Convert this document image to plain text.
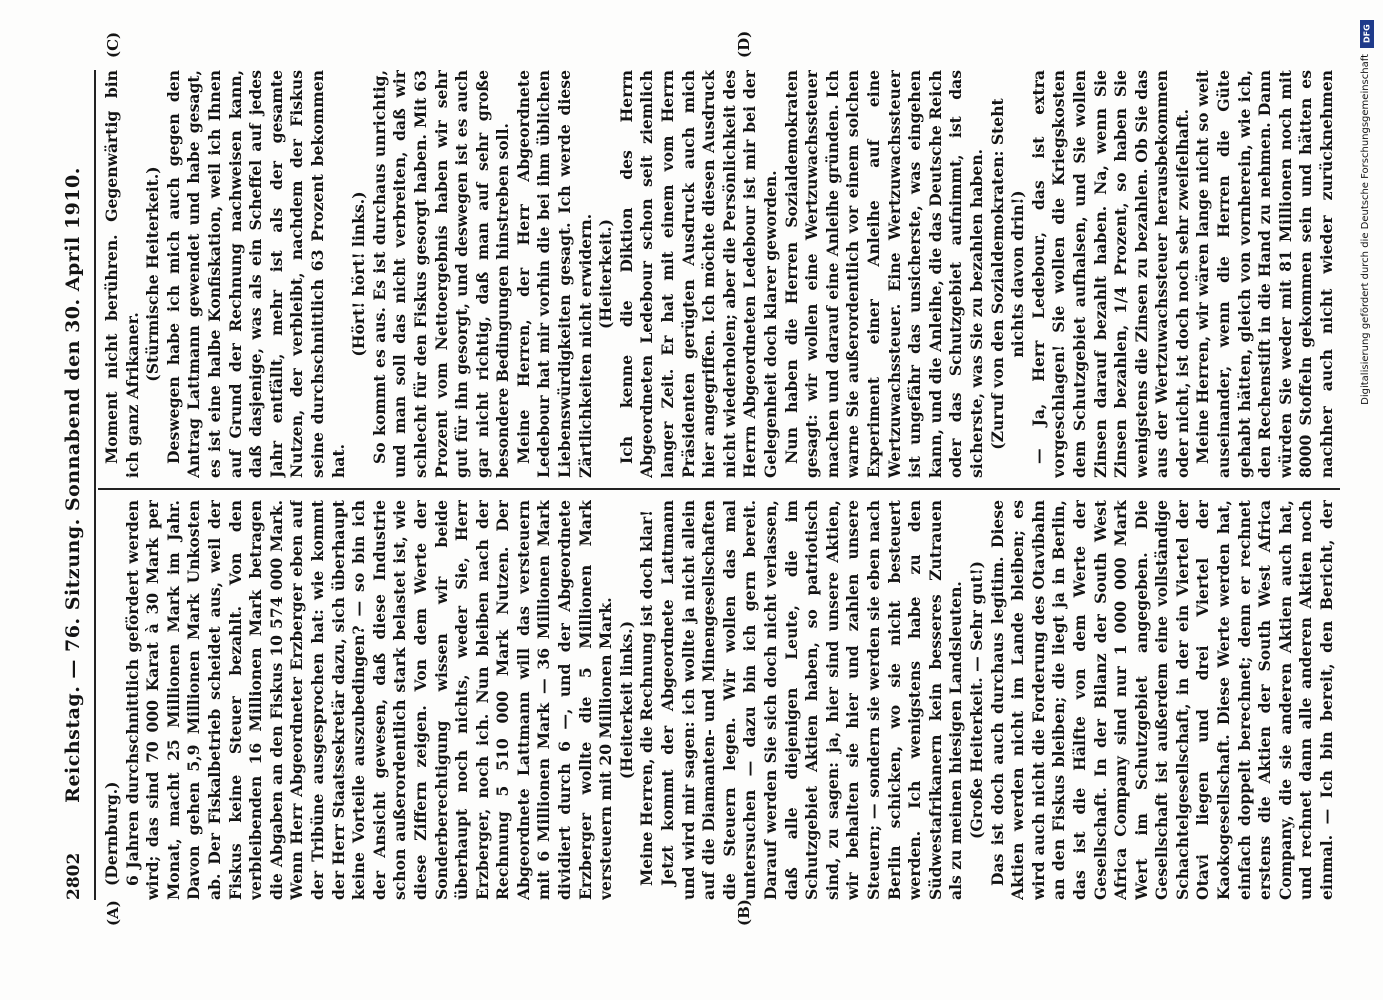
2802
Reichstag. — 76. Sitzung. Sonnabend den 30. April 1910.
(A)	(B)
(C)	(D)

(Dernburg.) 6 Jahren durchschnittlich gefördert werden wird; das sind 70 000 Karat à 30 Mark per Monat, macht 25 Millionen Mark im Jahr. Davon gehen 5,9 Millionen Mark Unkosten ab. Der Fiskalbetrieb scheidet aus, weil der Fiskus keine Steuer bezahlt. Von den verbleibenden 16 Millionen Mark betragen die Abgaben an den Fiskus 10 574 000 Mark. Wenn Herr Abgeordneter Erzberger eben auf der Tribüne ausgesprochen hat: wie kommt der Herr Staatssekretär dazu, sich überhaupt keine Vorteile auszubedingen? — so bin ich der Ansicht gewesen, daß diese Industrie schon außerordentlich stark belastet ist, wie diese Ziffern zeigen. Von dem Werte der Sonderberechtigung wissen wir beide überhaupt noch nichts, weder Sie, Herr Erzberger, noch ich. Nun bleiben nach der Rechnung 5 510 000 Mark Nutzen. Der Abgeordnete Lattmann will das versteuern mit 6 Millionen Mark — 36 Millionen Mark dividiert durch 6 —, und der Abgeordnete Erzberger wollte die 5 Millionen Mark versteuern mit 20 Millionen Mark. (Heiterkeit links.) Meine Herren, die Rechnung ist doch klar! Jetzt kommt der Abgeordnete Lattmann und wird mir sagen: ich wollte ja nicht allein auf die Diamanten- und Minengesellschaften die Steuern legen. Wir wollen das mal untersuchen — dazu bin ich gern bereit. Darauf werden Sie sich doch nicht verlassen, daß alle diejenigen Leute, die im Schutzgebiet Aktien haben, so patriotisch sind, zu sagen: ja, hier sind unsere Aktien, wir behalten sie hier und zahlen unsere Steuern; — sondern sie werden sie eben nach Berlin schicken, wo sie nicht besteuert werden. Ich wenigstens habe zu den Südwestafrikanern kein besseres Zutrauen als zu meinen hiesigen Landsleuten. (Große Heiterkeit. — Sehr gut!)

Das ist doch auch durchaus legitim. Diese Aktien werden nicht im Lande bleiben; es wird auch nicht die Forderung des Otavibahn an den Fiskus bleiben; die liegt ja in Berlin, das ist die Hälfte von dem Werte der Gesellschaft. In der Bilanz der South West Africa Company sind nur 1 000 000 Mark Wert im Schutzgebiet angegeben. Die Gesellschaft ist außerdem eine vollständige Schachtelgesellschaft, in der ein Viertel der Otavi liegen und drei Viertel der Kaokogesellschaft. Diese Werte werden hat, einfach doppelt berechnet; denn er rechnet erstens die Aktien der South West Africa Company, die sie anderen Aktien auch hat, und rechnet dann alle anderen Aktien noch einmal. — Ich bin bereit, den Bericht, der

Moment nicht berühren. Gegenwärtig bin ich ganz Afrikaner.

(Stürmische Heiterkeit.) Deswegen habe ich mich auch gegen den Antrag Lattmann gewendet und habe gesagt, es ist eine halbe Konfiskation, weil ich Ihnen auf Grund der Rechnung nachweisen kann, daß dasjenige, was als ein Scheffel auf jedes Jahr entfällt, mehr ist als der gesamte Nutzen, der verbleibt, nachdem der Fiskus seine durchschnittlich 63 Prozent bekommen hat.

(Hört! hört! links.) So kommt es aus. Es ist durchaus unrichtig, und man soll das nicht verbreiten, daß wir schlecht für den Fiskus gesorgt haben. Mit 63 Prozent vom Nettoergebnis haben wir sehr gut für ihn gesorgt, und deswegen ist es auch gar nicht richtig, daß man auf sehr große besondere Bedingungen hinstreben soll. Meine Herren, der Herr Abgeordnete Ledebour hat mir vorhin die bei ihm üblichen Liebenswürdigkeiten gesagt. Ich werde diese Zärtlichkeiten nicht erwidern. (Heiterkeit.) Ich kenne die Diktion des Herrn Abgeordneten Ledebour schon seit ziemlich langer Zeit. Er hat mit einem vom Herrn Präsidenten gerügten Ausdruck auch mich hier angegriffen. Ich möchte diesen Ausdruck nicht wiederholen; aber die Persönlichkeit des Herrn Abgeordneten Ledebour ist mir bei der Gelegenheit doch klarer geworden. Nun haben die Herren Sozialdemokraten gesagt: wir wollen eine Wertzuwachssteuer machen und darauf eine Anleihe gründen. Ich warne Sie außerordentlich vor einem solchen Experiment einer Anleihe auf eine Wertzuwachssteuer. Eine Wertzuwachssteuer ist ungefähr das unsicherste, was eingehen kann, und die Anleihe, die das Deutsche Reich oder das Schutzgebiet aufnimmt, ist das sicherste, was Sie zu bezahlen haben. (Zuruf von den Sozialdemokraten: Steht nichts davon drin!) — Ja, Herr Ledebour, das ist extra vorgeschlagen! Sie wollen die Kriegskosten dem Schutzgebiet aufhalsen, und Sie wollen Zinsen darauf bezahlt haben. Na, wenn Sie Zinsen bezahlen, 1/4 Prozent, so haben Sie wenigstens die Zinsen zu bezahlen. Ob Sie das aus der Wertzuwachssteuer herausbekommen oder nicht, ist doch noch sehr zweifelhaft. Meine Herren, wir wären lange nicht so weit auseinander, wenn die Herren die Güte gehabt hätten, gleich von vornherein, wie ich, den Rechenstift in die Hand zu nehmen. Dann würden Sie weder mit 81 Millionen noch mit 8000 Stoffeln gekommen sein und hätten es nachher auch nicht wieder zurücknehmen

DFG
Digitalisierung gefördert durch die Deutsche Forschungsgemeinschaft
